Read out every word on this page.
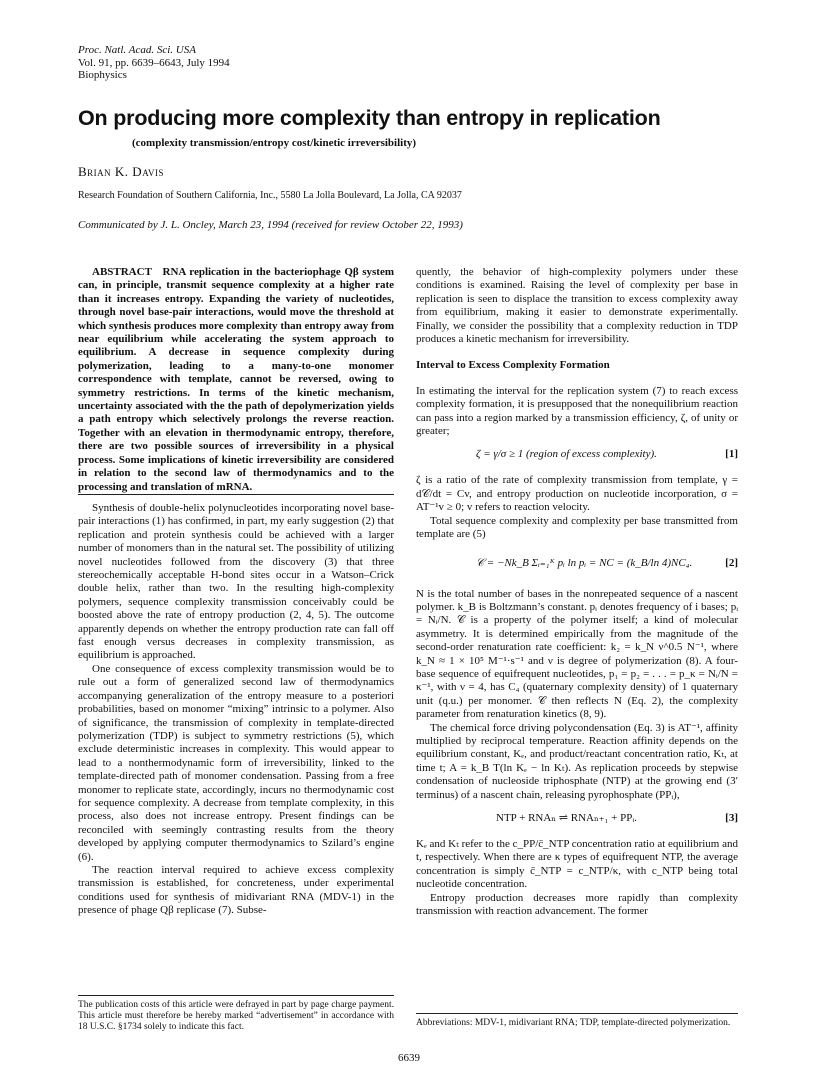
Proc. Natl. Acad. Sci. USA
Vol. 91, pp. 6639–6643, July 1994
Biophysics
On producing more complexity than entropy in replication
(complexity transmission/entropy cost/kinetic irreversibility)
Brian K. Davis
Research Foundation of Southern California, Inc., 5580 La Jolla Boulevard, La Jolla, CA 92037
Communicated by J. L. Oncley, March 23, 1994 (received for review October 22, 1993)

ABSTRACT RNA replication in the bacteriophage Qβ system can, in principle, transmit sequence complexity at a higher rate than it increases entropy. Expanding the variety of nucleotides, through novel base-pair interactions, would move the threshold at which synthesis produces more complexity than entropy away from near equilibrium while accelerating the system approach to equilibrium. A decrease in sequence complexity during polymerization, leading to a many-to-one monomer correspondence with template, cannot be reversed, owing to symmetry restrictions. In terms of the kinetic mechanism, uncertainty associated with the the path of depolymerization yields a path entropy which selectively prolongs the reverse reaction. Together with an elevation in thermodynamic entropy, therefore, there are two possible sources of irreversibility in a physical process. Some implications of kinetic irreversibility are considered in relation to the second law of thermodynamics and to the processing and translation of mRNA.

Synthesis of double-helix polynucleotides incorporating novel base-pair interactions (1) has confirmed, in part, my early suggestion (2) that replication and protein synthesis could be achieved with a larger number of monomers than in the natural set. The possibility of utilizing novel nucleotides followed from the discovery (3) that three stereochemically acceptable H-bond sites occur in a Watson–Crick double helix, rather than two. In the resulting high-complexity polymers, sequence complexity transmission conceivably could be boosted above the rate of entropy production (2, 4, 5). The outcome apparently depends on whether the entropy production rate can fall off fast enough versus decreases in complexity transmission, as equilibrium is approached.

One consequence of excess complexity transmission would be to rule out a form of generalized second law of thermodynamics accompanying generalization of the entropy measure to a posteriori probabilities, based on monomer “mixing” intrinsic to a polymer. Also of significance, the transmission of complexity in template-directed polymerization (TDP) is subject to symmetry restrictions (5), which exclude deterministic increases in complexity. This would appear to lead to a nonthermodynamic form of irreversibility, linked to the template-directed path of monomer condensation. Passing from a free monomer to replicate state, accordingly, incurs no thermodynamic cost for sequence complexity. A decrease from template complexity, in this process, also does not increase entropy. Present findings can be reconciled with seemingly contrasting results from the theory developed by applying computer thermodynamics to Szilard’s engine (6).

The reaction interval required to achieve excess complexity transmission is established, for concreteness, under experimental conditions used for synthesis of midivariant RNA (MDV-1) in the presence of phage Qβ replicase (7). Subse-

The publication costs of this article were defrayed in part by page charge payment. This article must therefore be hereby marked “advertisement” in accordance with 18 U.S.C. §1734 solely to indicate this fact.

quently, the behavior of high-complexity polymers under these conditions is examined. Raising the level of complexity per base in replication is seen to displace the transition to excess complexity away from equilibrium, making it easier to demonstrate experimentally. Finally, we consider the possibility that a complexity reduction in TDP produces a kinetic mechanism for irreversibility.

Interval to Excess Complexity Formation

In estimating the interval for the replication system (7) to reach excess complexity formation, it is presupposed that the nonequilibrium reaction can pass into a region marked by a transmission efficiency, ζ, of unity or greater;

ζ = γ/σ ≥ 1 (region of excess complexity).	[1]

ζ is a ratio of the rate of complexity transmission from template, γ = d𝒞/dt = Cv, and entropy production on nucleotide incorporation, σ = AT⁻¹v ≥ 0; v refers to reaction velocity.

Total sequence complexity and complexity per base transmitted from template are (5)

𝒞 = −Nk_B Σᵢ₌₁ᴷ pᵢ ln pᵢ = NC = (k_B/ln 4)NC₄.	[2]

N is the total number of bases in the nonrepeated sequence of a nascent polymer. k_B is Boltzmann’s constant. pᵢ denotes frequency of i bases; pᵢ = Nᵢ/N. 𝒞 is a property of the polymer itself; a kind of molecular asymmetry. It is determined empirically from the magnitude of the second-order renaturation rate coefficient: k₂ = k_N ν^0.5 N⁻¹, where k_N ≈ 1 × 10⁵ M⁻¹·s⁻¹ and ν is degree of polymerization (8). A four-base sequence of equifrequent nucleotides, p₁ = p₂ = . . . = p_κ = Nᵢ/N = κ⁻¹, with ν = 4, has C₄ (quaternary complexity density) of 1 quaternary unit (q.u.) per monomer. 𝒞 then reflects N (Eq. 2), the complexity parameter from renaturation kinetics (8, 9).

The chemical force driving polycondensation (Eq. 3) is AT⁻¹, affinity multiplied by reciprocal temperature. Reaction affinity depends on the equilibrium constant, Kₑ, and product/reactant concentration ratio, Kₜ, at time t; A = k_B T(ln Kₑ − ln Kₜ). As replication proceeds by stepwise condensation of nucleoside triphosphate (NTP) at the growing end (3′ terminus) of a nascent chain, releasing pyrophosphate (PPᵢ),

NTP + RNAₙ ⇌ RNAₙ₊₁ + PPᵢ.	[3]

Kₑ and Kₜ refer to the c_PP/c̄_NTP concentration ratio at equilibrium and t, respectively. When there are κ types of equifrequent NTP, the average concentration is simply c̄_NTP = c_NTP/κ, with c_NTP being total nucleotide concentration.

Entropy production decreases more rapidly than complexity transmission with reaction advancement. The former

Abbreviations: MDV-1, midivariant RNA; TDP, template-directed polymerization.
6639
